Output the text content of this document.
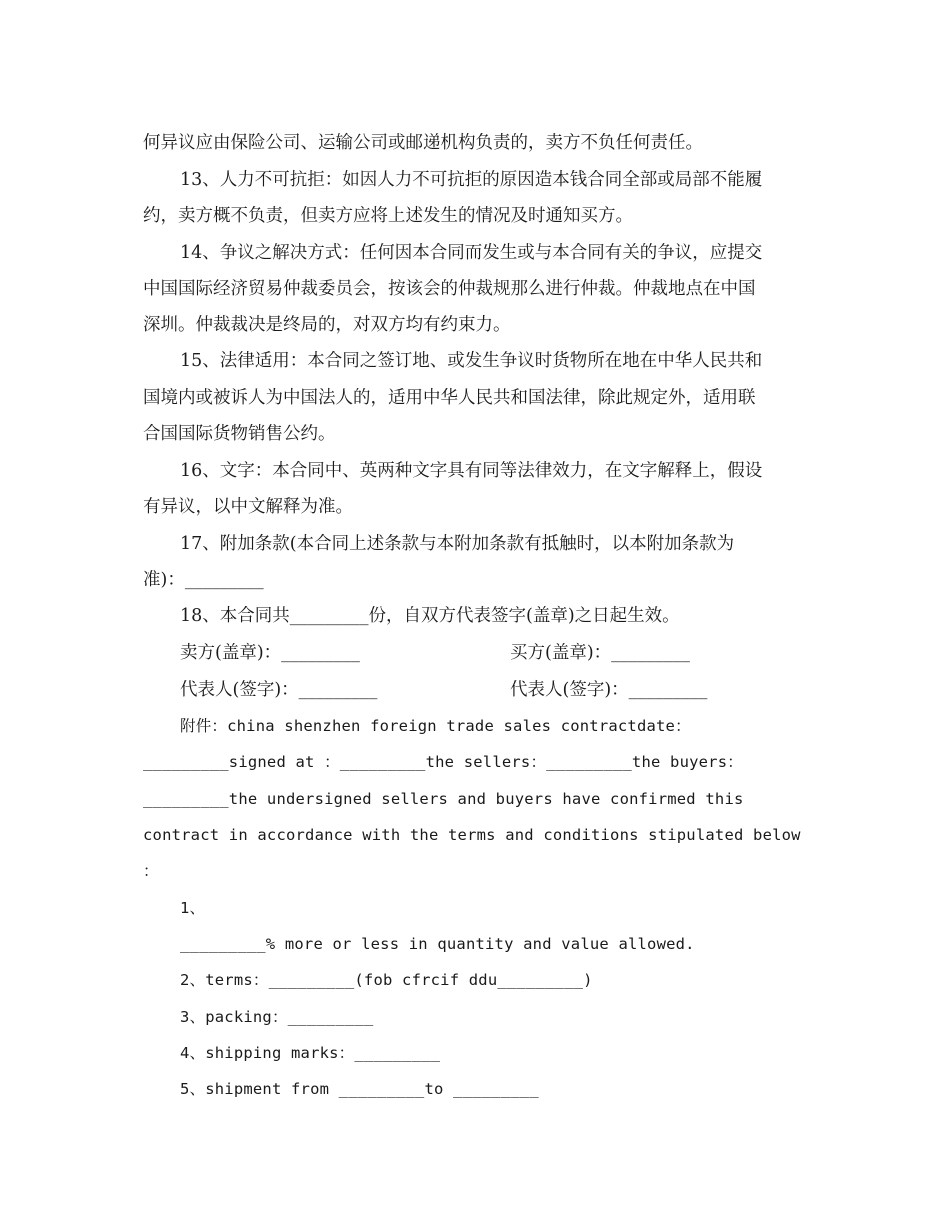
何异议应由保险公司、运输公司或邮递机构负责的，卖方不负任何责任。
13、人力不可抗拒：如因人力不可抗拒的原因造本钱合同全部或局部不能履
约，卖方概不负责，但卖方应将上述发生的情况及时通知买方。
14、争议之解决方式：任何因本合同而发生或与本合同有关的争议，应提交
中国国际经济贸易仲裁委员会，按该会的仲裁规那么进行仲裁。仲裁地点在中国
深圳。仲裁裁决是终局的，对双方均有约束力。
15、法律适用：本合同之签订地、或发生争议时货物所在地在中华人民共和
国境内或被诉人为中国法人的，适用中华人民共和国法律，除此规定外，适用联
合国国际货物销售公约。
16、文字：本合同中、英两种文字具有同等法律效力，在文字解释上，假设
有异议，以中文解释为准。
17、附加条款(本合同上述条款与本附加条款有抵触时，以本附加条款为
准)：_________
18、本合同共_________份，自双方代表签字(盖章)之日起生效。
卖方(盖章)：_________	买方(盖章)：_________
代表人(签字)：_________	代表人(签字)：_________
附件：china shenzhen foreign trade sales contractdate：
_________signed at ：_________the sellers：_________the buyers：
_________the undersigned sellers and buyers have confirmed this
contract in accordance with the terms and conditions stipulated below
：
1、
_________% more or less in quantity and value allowed.
2、terms：_________(fob cfrcif ddu_________)
3、packing：_________
4、shipping marks：_________
5、shipment from _________to _________
